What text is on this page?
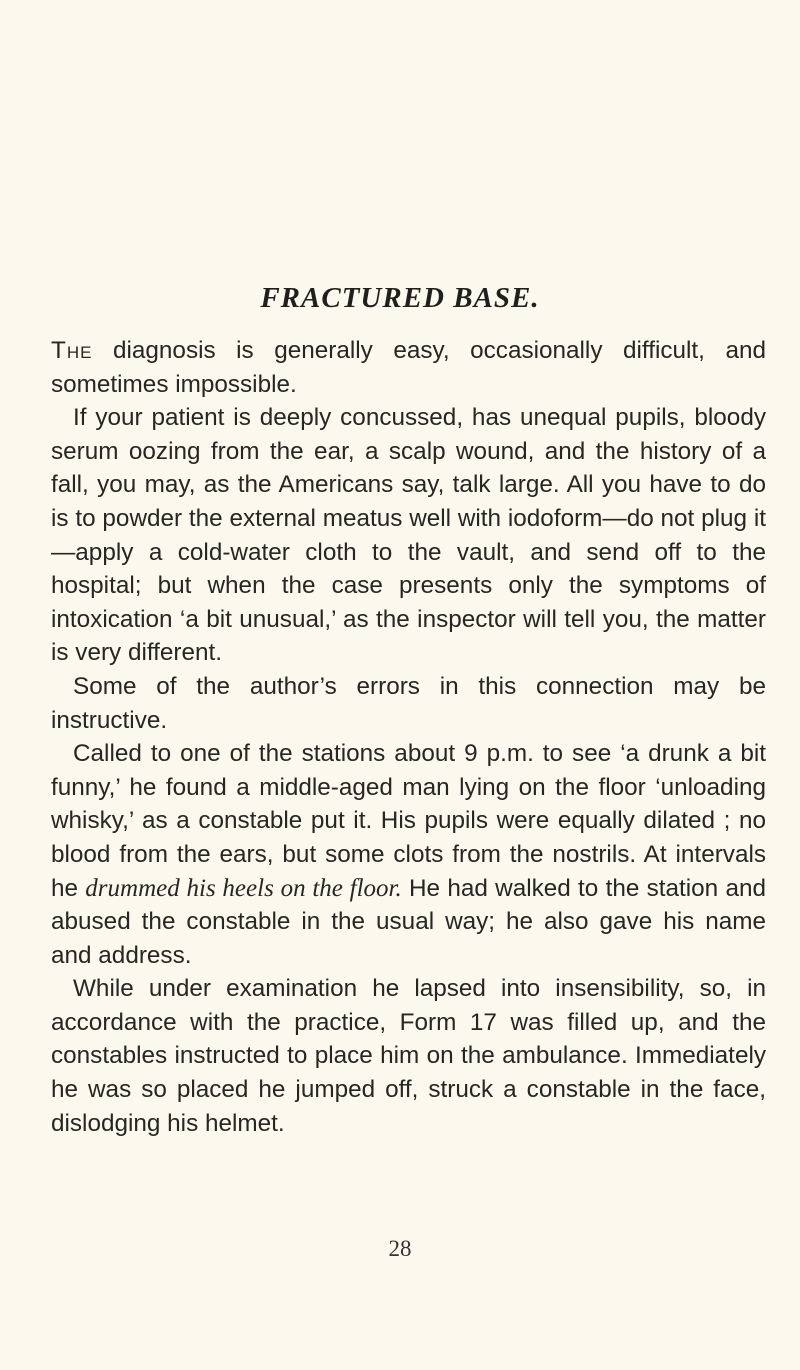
FRACTURED BASE.

The diagnosis is generally easy, occasionally difficult, and sometimes impossible.

If your patient is deeply concussed, has unequal pupils, bloody serum oozing from the ear, a scalp wound, and the history of a fall, you may, as the Americans say, talk large. All you have to do is to powder the external meatus well with iodoform—do not plug it—apply a cold-water cloth to the vault, and send off to the hospital; but when the case presents only the symptoms of intoxication ‘a bit unusual,’ as the inspector will tell you, the matter is very different.

Some of the author’s errors in this connection may be instructive.

Called to one of the stations about 9 p.m. to see ‘a drunk a bit funny,’ he found a middle-aged man lying on the floor ‘unloading whisky,’ as a constable put it. His pupils were equally dilated ; no blood from the ears, but some clots from the nostrils. At intervals he drummed his heels on the floor. He had walked to the station and abused the constable in the usual way; he also gave his name and address.

While under examination he lapsed into insensibility, so, in accordance with the practice, Form 17 was filled up, and the constables instructed to place him on the ambulance. Immediately he was so placed he jumped off, struck a constable in the face, dislodging his helmet.

28
